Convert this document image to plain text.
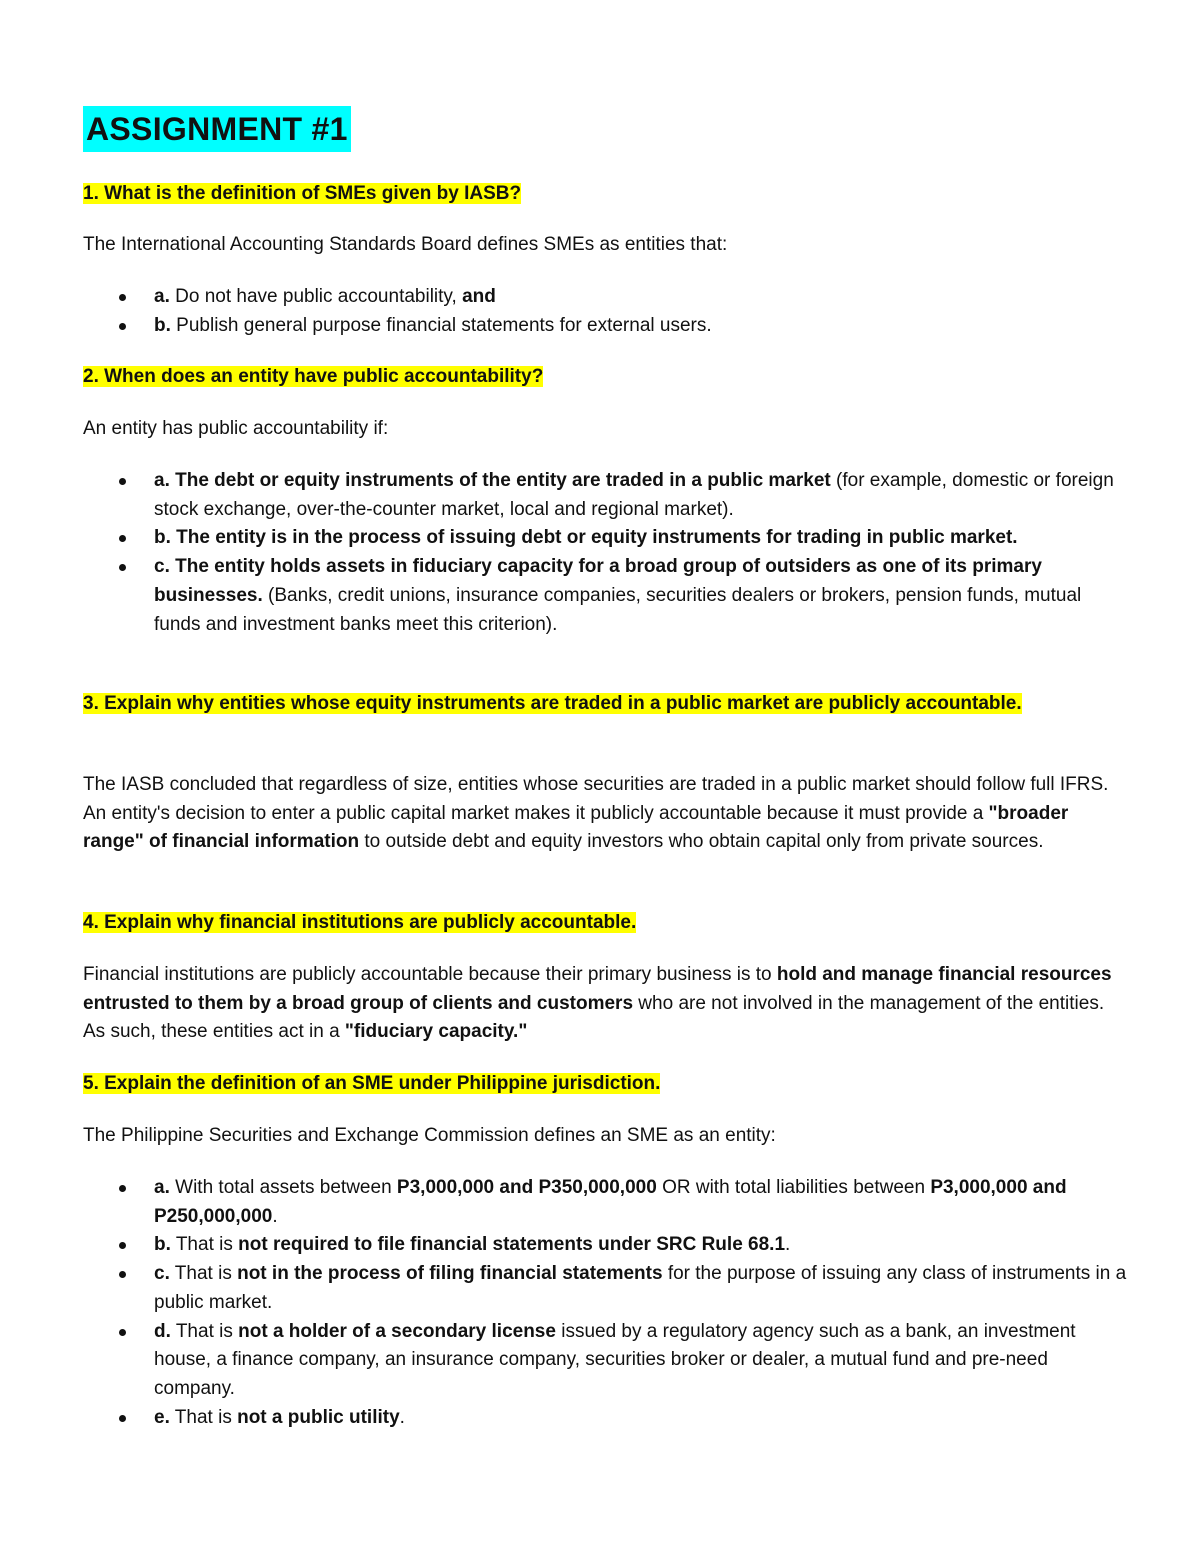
ASSIGNMENT #1

1. What is the definition of SMEs given by IASB?

The International Accounting Standards Board defines SMEs as entities that:

a. Do not have public accountability, and
b. Publish general purpose financial statements for external users.

2. When does an entity have public accountability?

An entity has public accountability if:

a. The debt or equity instruments of the entity are traded in a public market (for example, domestic or foreign stock exchange, over-the-counter market, local and regional market).
b. The entity is in the process of issuing debt or equity instruments for trading in public market.
c. The entity holds assets in fiduciary capacity for a broad group of outsiders as one of its primary businesses. (Banks, credit unions, insurance companies, securities dealers or brokers, pension funds, mutual funds and investment banks meet this criterion).

3. Explain why entities whose equity instruments are traded in a public market are publicly accountable.

The IASB concluded that regardless of size, entities whose securities are traded in a public market should follow full IFRS. An entity's decision to enter a public capital market makes it publicly accountable because it must provide a "broader range" of financial information to outside debt and equity investors who obtain capital only from private sources.

4. Explain why financial institutions are publicly accountable.

Financial institutions are publicly accountable because their primary business is to hold and manage financial resources entrusted to them by a broad group of clients and customers who are not involved in the management of the entities. As such, these entities act in a "fiduciary capacity."

5. Explain the definition of an SME under Philippine jurisdiction.

The Philippine Securities and Exchange Commission defines an SME as an entity:

a. With total assets between P3,000,000 and P350,000,000 OR with total liabilities between P3,000,000 and P250,000,000.
b. That is not required to file financial statements under SRC Rule 68.1.
c. That is not in the process of filing financial statements for the purpose of issuing any class of instruments in a public market.
d. That is not a holder of a secondary license issued by a regulatory agency such as a bank, an investment house, a finance company, an insurance company, securities broker or dealer, a mutual fund and pre-need company.
e. That is not a public utility.
